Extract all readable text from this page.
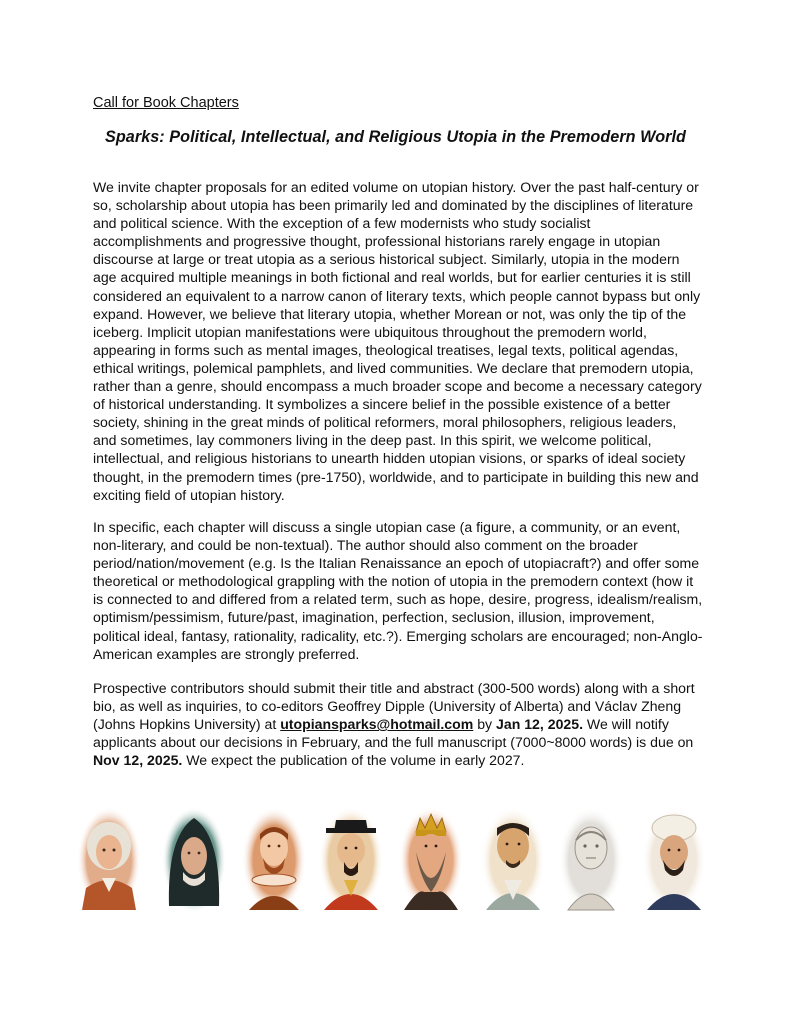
Call for Book Chapters
Sparks: Political, Intellectual, and Religious Utopia in the Premodern World

We invite chapter proposals for an edited volume on utopian history. Over the past half-century or so, scholarship about utopia has been primarily led and dominated by the disciplines of literature and political science. With the exception of a few modernists who study socialist accomplishments and progressive thought, professional historians rarely engage in utopian discourse at large or treat utopia as a serious historical subject. Similarly, utopia in the modern age acquired multiple meanings in both fictional and real worlds, but for earlier centuries it is still considered an equivalent to a narrow canon of literary texts, which people cannot bypass but only expand. However, we believe that literary utopia, whether Morean or not, was only the tip of the iceberg. Implicit utopian manifestations were ubiquitous throughout the premodern world, appearing in forms such as mental images, theological treatises, legal texts, political agendas, ethical writings, polemical pamphlets, and lived communities. We declare that premodern utopia, rather than a genre, should encompass a much broader scope and become a necessary category of historical understanding. It symbolizes a sincere belief in the possible existence of a better society, shining in the great minds of political reformers, moral philosophers, religious leaders, and sometimes, lay commoners living in the deep past. In this spirit, we welcome political, intellectual, and religious historians to unearth hidden utopian visions, or sparks of ideal society thought, in the premodern times (pre-1750), worldwide, and to participate in building this new and exciting field of utopian history.

In specific, each chapter will discuss a single utopian case (a figure, a community, or an event, non-literary, and could be non-textual). The author should also comment on the broader period/nation/movement (e.g. Is the Italian Renaissance an epoch of utopiacraft?) and offer some theoretical or methodological grappling with the notion of utopia in the premodern context (how it is connected to and differed from a related term, such as hope, desire, progress, idealism/realism, optimism/pessimism, future/past, imagination, perfection, seclusion, illusion, improvement, political ideal, fantasy, rationality, radicality, etc.?). Emerging scholars are encouraged; non-Anglo-American examples are strongly preferred.

Prospective contributors should submit their title and abstract (300-500 words) along with a short bio, as well as inquiries, to co-editors Geoffrey Dipple (University of Alberta) and Václav Zheng (Johns Hopkins University) at utopiansparks@hotmail.com by Jan 12, 2025. We will notify applicants about our decisions in February, and the full manuscript (7000~8000 words) is due on Nov 12, 2025. We expect the publication of the volume in early 2027.
